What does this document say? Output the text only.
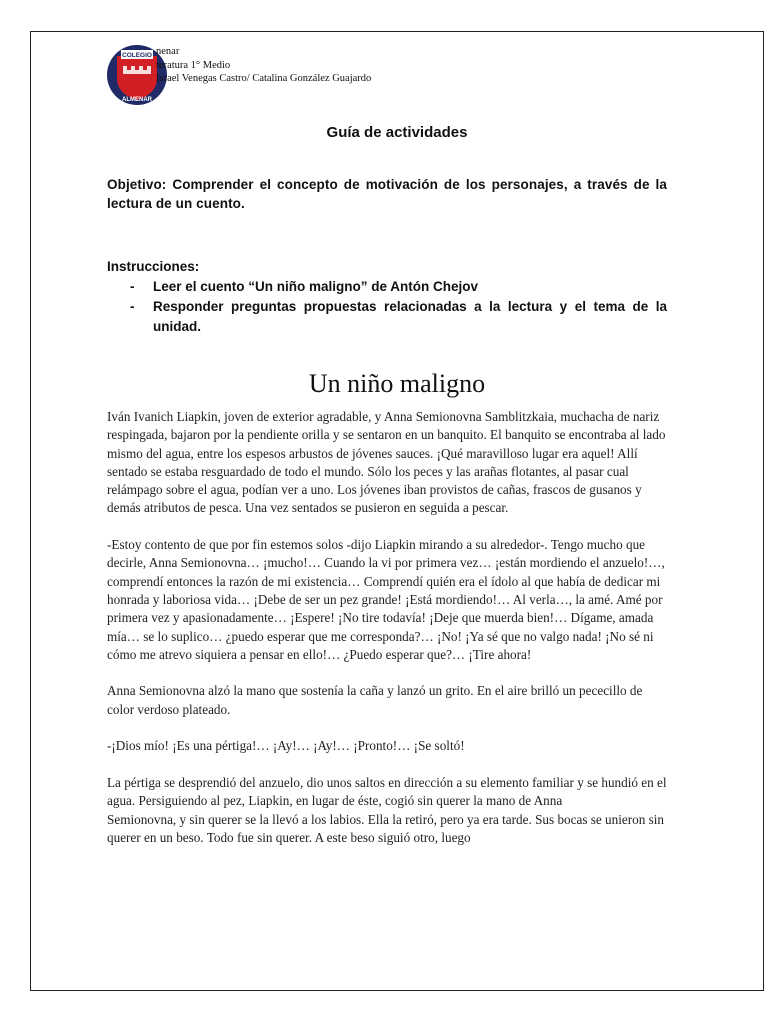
COLEGIO
ALMENAR
nenar
teratura 1° Medio
Israel Venegas Castro/ Catalina González Guajardo
Guía de actividades
Objetivo: Comprender el concepto de motivación de los personajes, a través de la lectura de un cuento.
Instrucciones:
- Leer el cuento “Un niño maligno” de Antón Chejov
- Responder preguntas propuestas relacionadas a la lectura y el tema de la unidad.
Un niño maligno

Iván Ivanich Liapkin, joven de exterior agradable, y Anna Semionovna Samblitzkaia, muchacha de nariz respingada, bajaron por la pendiente orilla y se sentaron en un banquito. El banquito se encontraba al lado mismo del agua, entre los espesos arbustos de jóvenes sauces. ¡Qué maravilloso lugar era aquel! Allí sentado se estaba resguardado de todo el mundo. Sólo los peces y las arañas flotantes, al pasar cual relámpago sobre el agua, podían ver a uno. Los jóvenes iban provistos de cañas, frascos de gusanos y demás atributos de pesca. Una vez sentados se pusieron en seguida a pescar.

-Estoy contento de que por fin estemos solos -dijo Liapkin mirando a su alrededor-. Tengo mucho que decirle, Anna Semionovna… ¡mucho!… Cuando la vi por primera vez… ¡están mordiendo el anzuelo!…, comprendí entonces la razón de mi existencia… Comprendí quién era el ídolo al que había de dedicar mi honrada y laboriosa vida… ¡Debe de ser un pez grande! ¡Está mordiendo!… Al verla…, la amé. Amé por primera vez y apasionadamente… ¡Espere! ¡No tire todavía! ¡Deje que muerda bien!… Dígame, amada mía… se lo suplico… ¿puedo esperar que me corresponda?… ¡No! ¡Ya sé que no valgo nada! ¡No sé ni cómo me atrevo siquiera a pensar en ello!… ¿Puedo esperar que?… ¡Tire ahora!

Anna Semionovna alzó la mano que sostenía la caña y lanzó un grito. En el aire brilló un pececillo de color verdoso plateado.

-¡Dios mío! ¡Es una pértiga!… ¡Ay!… ¡Ay!… ¡Pronto!… ¡Se soltó!

La pértiga se desprendió del anzuelo, dio unos saltos en dirección a su elemento familiar y se hundió en el agua. Persiguiendo al pez, Liapkin, en lugar de éste, cogió sin querer la mano de Anna
Semionovna, y sin querer se la llevó a los labios. Ella la retiró, pero ya era tarde. Sus bocas se unieron sin querer en un beso. Todo fue sin querer. A este beso siguió otro, luego
